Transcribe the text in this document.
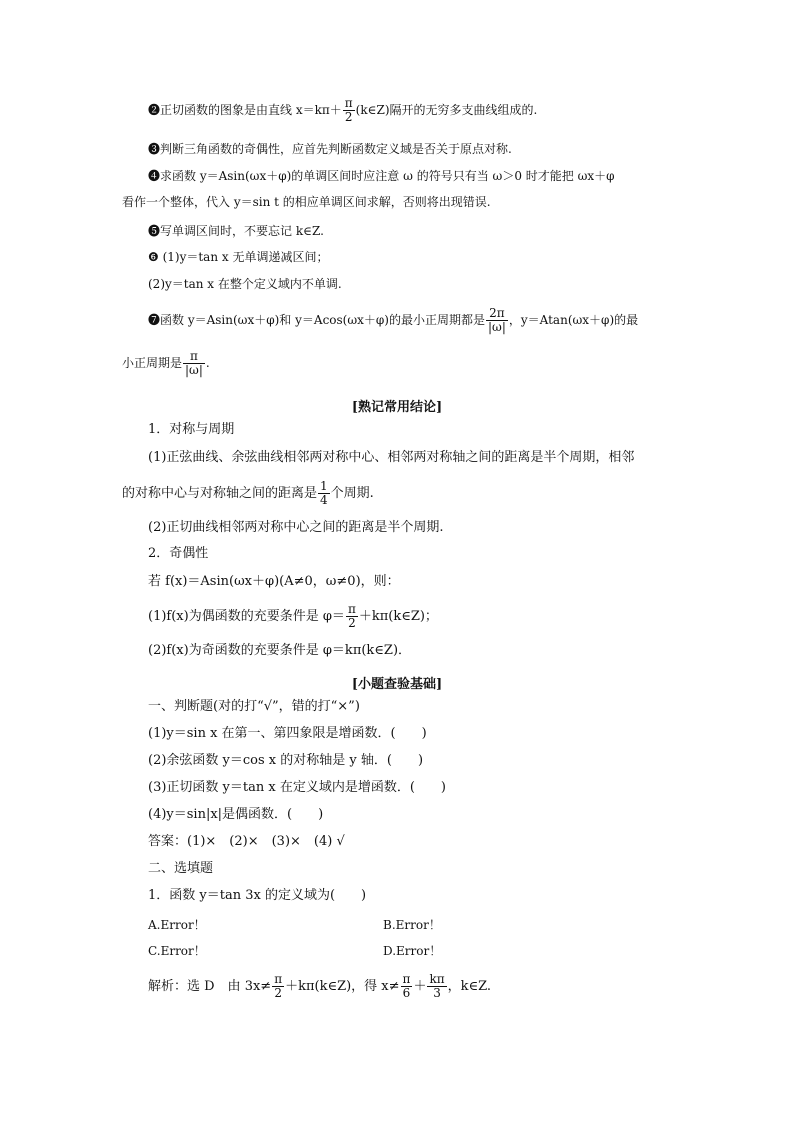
❷正切函数的图象是由直线 $x=k\pi+ \frac{\pi}{2}$ (k∈Z)隔开的无穷多支曲线组成的.
❸判断三角函数的奇偶性，应首先判断函数定义域是否关于原点对称.
❹求函数 y＝Asin(ωx＋φ)的单调区间时应注意 ω 的符号只有当 ω＞0 时才能把 ωx＋φ
看作一个整体，代入 y＝sin t 的相应单调区间求解，否则将出现错误.
❺写单调区间时，不要忘记 k∈Z.
❻ (1)y＝tan x 无单调递减区间；
(2)y＝tan x 在整个定义域内不单调.
❼函数 y＝Asin(ωx＋φ)和 y＝Acos(ωx＋φ)的最小正周期都是 $\frac{2\pi}{|\omega|}$ ，y＝Atan(ωx＋φ)的最
小正周期是 $\frac{\pi}{|\omega|}$ .
[熟记常用结论]
1．对称与周期
(1)正弦曲线、余弦曲线相邻两对称中心、相邻两对称轴之间的距离是半个周期，相邻
的对称中心与对称轴之间的距离是 $\frac{1}{4}$ 个周期.
(2)正切曲线相邻两对称中心之间的距离是半个周期.
2．奇偶性
若 f(x)＝Asin(ωx＋φ)(A≠0，ω≠0)，则：
(1)f(x)为偶函数的充要条件是 $\varphi= \frac{\pi}{2}$ ＋kπ(k∈Z)；
(2)f(x)为奇函数的充要条件是 φ＝kπ(k∈Z)．
[小题查验基础]
一、判断题(对的打“√”，错的打“×”)
(1)y＝sin x 在第一、第四象限是增函数．(　　)
(2)余弦函数 y＝cos x 的对称轴是 y 轴．(　　)
(3)正切函数 y＝tan x 在定义域内是增函数．(　　)
(4)y＝sin|x|是偶函数．(　　)
答案：(1)×　(2)×　(3)×　(4) √
二、选填题
1．函数 y＝tan 3x 的定义域为(　　)
A.Error！	B.Error！
C.Error！	D.Error！
解析：选 D　由 $3x\ne \frac{\pi}{2}$ ＋kπ(k∈Z)，得 $x\ne \frac{\pi}{6} + \frac{k\pi}{3}$ ，k∈Z.
